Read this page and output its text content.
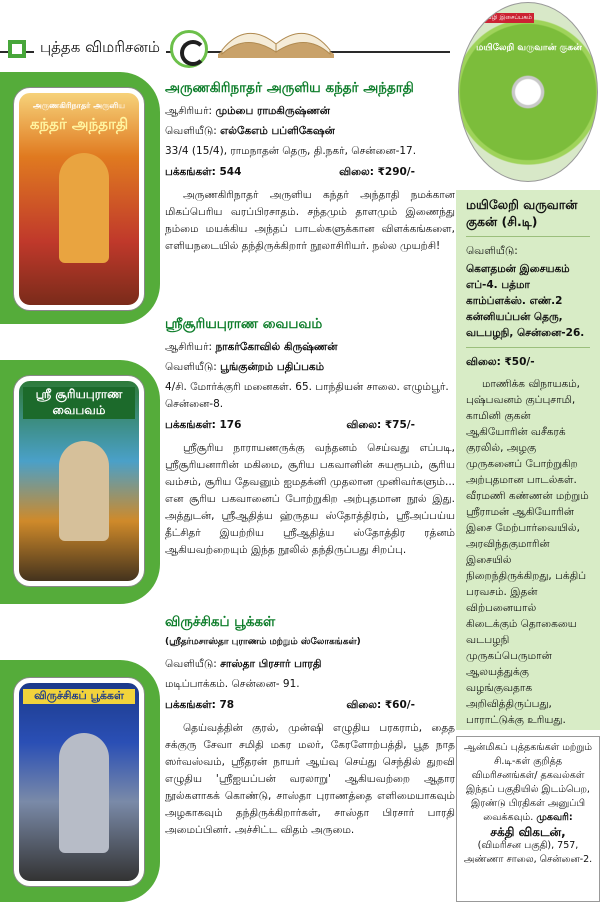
புத்தக விமரிசனம்
மேகவழி இசைப்பகம்
மயிலேறி வருவான் குகன்
அருணகிரிநாதர் அருளிய
கந்தர் அந்தாதி
ஸ்ரீ சூரியபுராண வைபவம்
விருச்சிகப் பூக்கள்
அருணகிரிநாதர் அருளிய கந்தர் அந்தாதி
ஆசிரியர்: மும்பை ராமகிருஷ்ணன்
வெளியீடு: எல்கேஎம் பப்ளிகேஷன்
33/4 (15/4), ராமநாதன் தெரு, தி.நகர், சென்னை-17.
பக்கங்கள்: 544	விலை: ₹290/-

அருணகிரிநாதர் அருளிய கந்தர் அந்தாதி நமக்கான மிகப்பெரிய வரப்பிரசாதம். சந்தமும் தாளமும் இணைந்து நம்மை மயக்கிய அந்தப் பாடல்களுக்கான விளக்கங்களை, எளியநடையில் தந்திருக்கிறார் நூலாசிரியர். நல்ல முயற்சி!

ஸ்ரீசூரியபுராண வைபவம்
ஆசிரியர்: நாகர்கோவில் கிருஷ்ணன்
வெளியீடு: பூங்குன்றம் பதிப்பகம்
4/சி. மோர்க்குரி மனைகள். 65. பாந்தியன் சாலை. எழும்பூர். சென்னை-8.
பக்கங்கள்: 176	விலை: ₹75/-

ஸ்ரீசூரிய நாராயணருக்கு வந்தனம் செய்வது எப்படி, ஸ்ரீசூரியனாரின் மகிமை, சூரிய பகவானின் சுயரூபம், சூரிய வம்சம், சூரிய தேவனும் ஐமதக்னி முதலான முனிவர்களும்... என சூரிய பகவானைப் போற்றுகிற அற்புதமான நூல் இது. அத்துடன், ஸ்ரீஆதித்ய ஹ்ருதய ஸ்தோத்திரம், ஸ்ரீஅப்பய்ய தீட்சிதர் இயற்றிய ஸ்ரீஆதித்ய ஸ்தோத்திர ரத்னம் ஆகியவற்றையும் இந்த நூலில் தந்திருப்பது சிறப்பு.

விருச்சிகப் பூக்கள்
(ஸ்ரீதர்மசாஸ்தா புராணம் மற்றும் ஸ்லோகங்கள்)
வெளியீடு: சாஸ்தா பிரசார் பாரதி
மடிப்பாக்கம். சென்னை- 91.
பக்கங்கள்: 78	விலை: ₹60/-

தெய்வத்தின் குரல், முன்ஷி எழுதிய பரகராம், தைத சக்குரு சேவா சமிதி மகர மலர், கேரளோற்பத்தி, பூத நாத ஸர்வஸ்வம், ஸ்ரீதரன் நாயர் ஆய்வு செய்து செந்தில் துறவி எழுதிய 'ஸ்ரீஐயப்பன் வரலாறு' ஆகியவற்றை ஆதார நூல்களாகக் கொண்டு, சாஸ்தா புராணத்தை எளிமையாகவும் அழகாகவும் தந்திருக்கிறார்கள், சாஸ்தா பிரசார் பாரதி அமைப்பினர். அச்சிட்ட விதம் அருமை.

மயிலேறி வருவான் குகன் (சி.டி)
வெளியீடு:
கௌதமன் இசையகம் எப்-4. பத்மா காம்ப்ளக்ஸ். எண்.2 கன்னியப்பன் தெரு, வடபழநி, சென்னை-26.
விலை: ₹50/-

மாணிக்க விநாயகம், புஷ்பவனம் குப்புசாமி, காமினி குகன் ஆகியோரின் வசீகரக் குரலில், அழகு முருகனைப் போற்றுகிற அற்புதமான பாடல்கள். வீரமணி கண்ணன் மற்றும் ஸ்ரீராமன் ஆகியோரின் இசை மேற்பார்வையில், அரவிந்தகுமாரின் இசையில் நிறைந்திருக்கிறது, பக்திப் பரவசம். இதன் விற்பனையால் கிடைக்கும் தொகையை வடபழநி முருகப்பெருமான் ஆலயத்துக்கு வழங்குவதாக அறிவித்திருப்பது, பாராட்டுக்கு உரியது.

ஆன்மிகப் புத்தகங்கள் மற்றும் சி.டி-கள் குறித்த விமரிசனங்கள்/ தகவல்கள் இந்தப் பகுதியில் இடம்பெற, இரண்டு பிரதிகள் அனுப்பி வைக்கவும். முகவரி:
சக்தி விகடன்,
(விமரிசன பகுதி), 757, அண்ணா சாலை, சென்னை-2.
